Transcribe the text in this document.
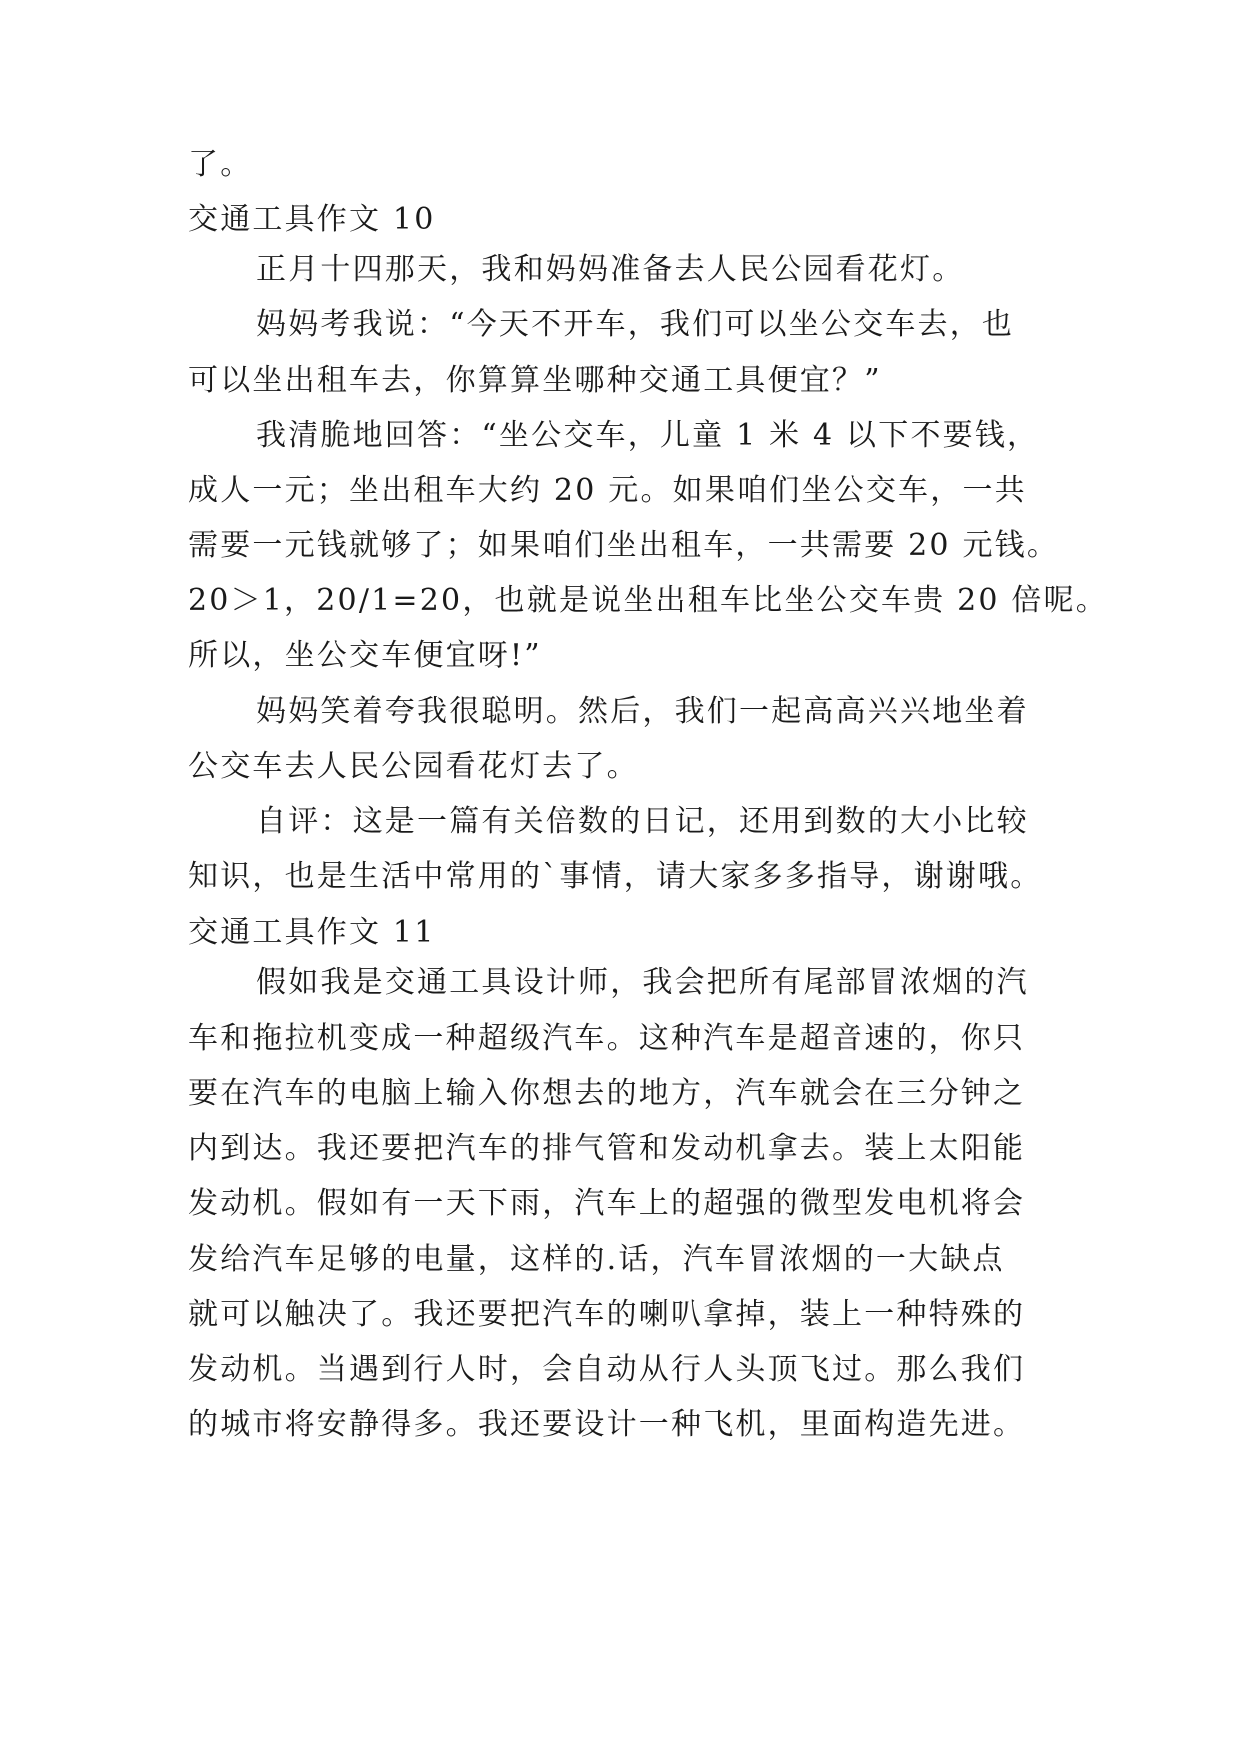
了。
交通工具作文 10
正月十四那天，我和妈妈准备去人民公园看花灯。
妈妈考我说：“今天不开车，我们可以坐公交车去，也
可以坐出租车去，你算算坐哪种交通工具便宜？”
我清脆地回答：“坐公交车，儿童 1 米 4 以下不要钱，
成人一元；坐出租车大约 20 元。如果咱们坐公交车，一共
需要一元钱就够了；如果咱们坐出租车，一共需要 20 元钱。
20＞1，20/1=20，也就是说坐出租车比坐公交车贵 20 倍呢。
所以，坐公交车便宜呀!”
妈妈笑着夸我很聪明。然后，我们一起高高兴兴地坐着
公交车去人民公园看花灯去了。
自评：这是一篇有关倍数的日记，还用到数的大小比较
知识，也是生活中常用的`事情，请大家多多指导，谢谢哦。
交通工具作文 11
假如我是交通工具设计师，我会把所有尾部冒浓烟的汽
车和拖拉机变成一种超级汽车。这种汽车是超音速的，你只
要在汽车的电脑上输入你想去的地方，汽车就会在三分钟之
内到达。我还要把汽车的排气管和发动机拿去。装上太阳能
发动机。假如有一天下雨，汽车上的超强的微型发电机将会
发给汽车足够的电量，这样的.话，汽车冒浓烟的一大缺点
就可以触决了。我还要把汽车的喇叭拿掉，装上一种特殊的
发动机。当遇到行人时，会自动从行人头顶飞过。那么我们
的城市将安静得多。我还要设计一种飞机，里面构造先进。
